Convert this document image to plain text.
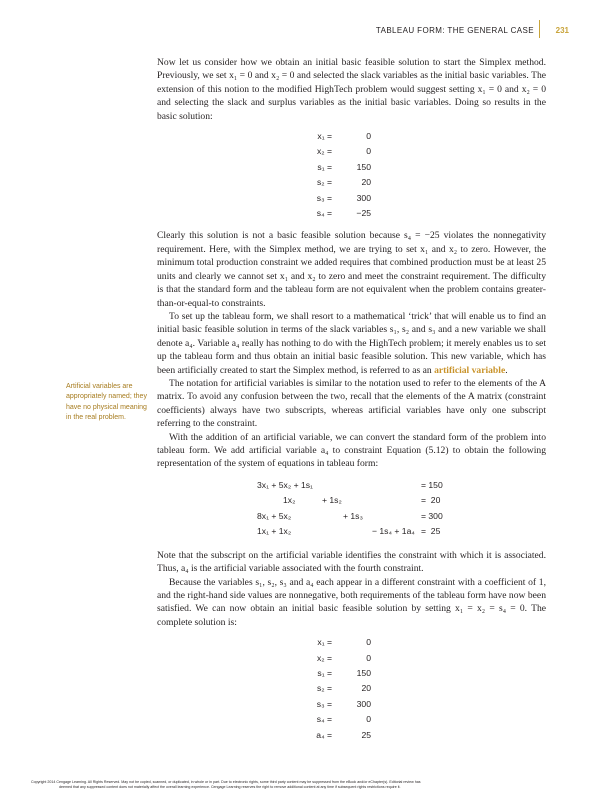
TABLEAU FORM: THE GENERAL CASE	231
Artificial variables are appropriately named; they have no physical meaning in the real problem.

Now let us consider how we obtain an initial basic feasible solution to start the Simplex method. Previously, we set x₁ = 0 and x₂ = 0 and selected the slack variables as the initial basic variables. The extension of this notion to the modified HighTech problem would suggest setting x₁ = 0 and x₂ = 0 and selecting the slack and surplus variables as the initial basic variables. Doing so results in the basic solution:

x₁ =	0
x₂ =	0
s₁ =	150
s₂ =	20
s₃ =	300
s₄ =	−25

Clearly this solution is not a basic feasible solution because s₄ = −25 violates the nonnegativity requirement. Here, with the Simplex method, we are trying to set x₁ and x₂ to zero. However, the minimum total production constraint we added requires that combined production must be at least 25 units and clearly we cannot set x₁ and x₂ to zero and meet the constraint requirement. The difficulty is that the standard form and the tableau form are not equivalent when the problem contains greater-than-or-equal-to constraints.

To set up the tableau form, we shall resort to a mathematical ‘trick’ that will enable us to find an initial basic feasible solution in terms of the slack variables s₁, s₂ and s₃ and a new variable we shall denote a₄. Variable a₄ really has nothing to do with the HighTech problem; it merely enables us to set up the tableau form and thus obtain an initial basic feasible solution. This new variable, which has been artificially created to start the Simplex method, is referred to as an artificial variable.

The notation for artificial variables is similar to the notation used to refer to the elements of the A matrix. To avoid any confusion between the two, recall that the elements of the A matrix (constraint coefficients) always have two subscripts, whereas artificial variables have only one subscript referring to the constraint.

With the addition of an artificial variable, we can convert the standard form of the problem into tableau form. We add artificial variable a₄ to constraint Equation (5.12) to obtain the following representation of the system of equations in tableau form:

3x₁ + 5x₂ + 1s₁	= 150
1x₂	+ 1s₂	=  20
8x₁ + 5x₂	+ 1s₃	= 300
1x₁ + 1x₂	− 1s₄ + 1a₄ =  25

Note that the subscript on the artificial variable identifies the constraint with which it is associated. Thus, a₄ is the artificial variable associated with the fourth constraint.

Because the variables s₁, s₂, s₃ and a₄ each appear in a different constraint with a coefficient of 1, and the right-hand side values are nonnegative, both requirements of the tableau form have now been satisfied. We can now obtain an initial basic feasible solution by setting x₁ = x₂ = s₄ = 0. The complete solution is:

x₁ =	0
x₂ =	0
s₁ =	150
s₂ =	20
s₃ =	300
s₄ =	0
a₄ =	25
Copyright 2014 Cengage Learning. All Rights Reserved. May not be copied, scanned, or duplicated, in whole or in part. Due to electronic rights, some third party content may be suppressed from the eBook and/or eChapter(s). Editorial review has
deemed that any suppressed content does not materially affect the overall learning experience. Cengage Learning reserves the right to remove additional content at any time if subsequent rights restrictions require it.
